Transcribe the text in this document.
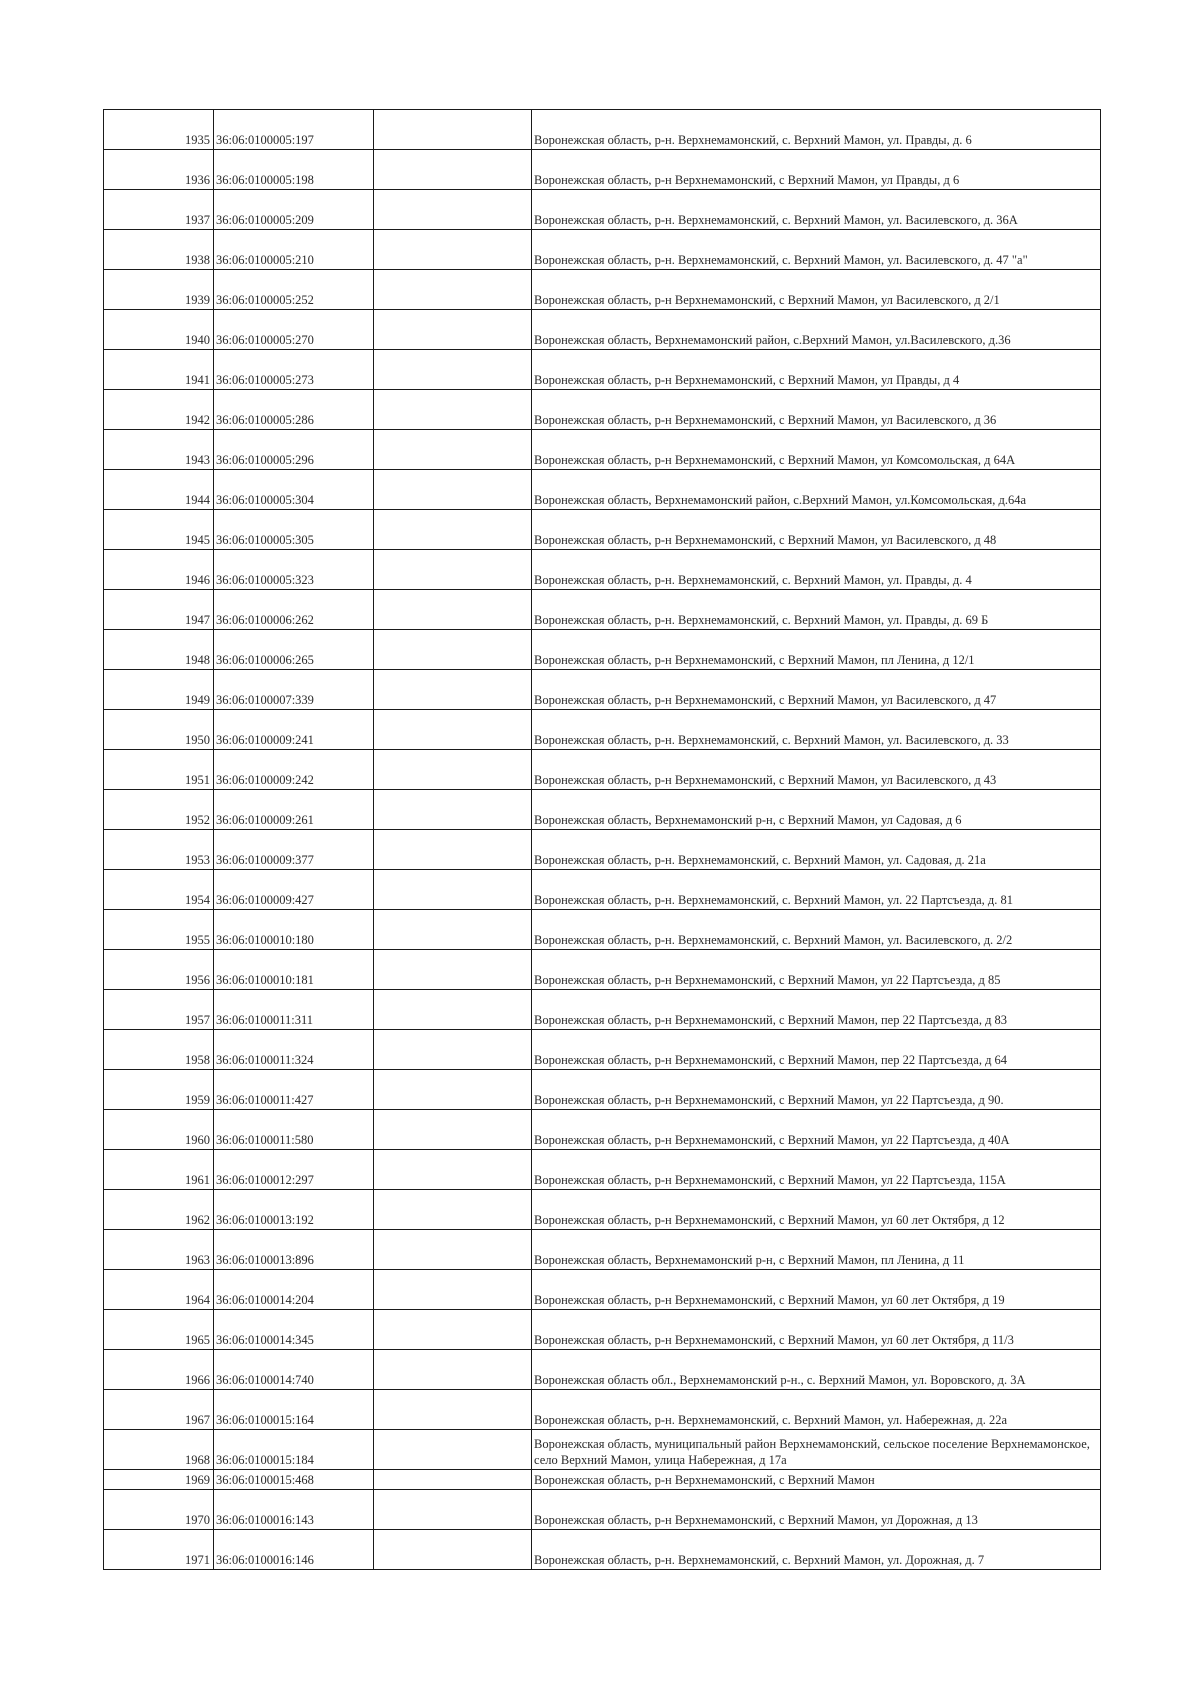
1935	36:06:0100005:197		Воронежская область, р-н. Верхнемамонский, с. Верхний Мамон, ул. Правды, д. 6
1936	36:06:0100005:198		Воронежская область, р-н Верхнемамонский, с Верхний Мамон, ул Правды, д 6
1937	36:06:0100005:209		Воронежская область, р-н. Верхнемамонский, с. Верхний Мамон, ул. Василевского, д. 36А
1938	36:06:0100005:210		Воронежская область, р-н. Верхнемамонский, с. Верхний Мамон, ул. Василевского, д. 47 "а"
1939	36:06:0100005:252		Воронежская область, р-н Верхнемамонский, с Верхний Мамон, ул Василевского, д 2/1
1940	36:06:0100005:270		Воронежская область, Верхнемамонский район, с.Верхний Мамон, ул.Василевского, д.36
1941	36:06:0100005:273		Воронежская область, р-н Верхнемамонский, с Верхний Мамон, ул Правды, д 4
1942	36:06:0100005:286		Воронежская область, р-н Верхнемамонский, с Верхний Мамон, ул Василевского, д 36
1943	36:06:0100005:296		Воронежская область, р-н Верхнемамонский, с Верхний Мамон, ул Комсомольская, д 64А
1944	36:06:0100005:304		Воронежская область, Верхнемамонский район, с.Верхний Мамон, ул.Комсомольская, д.64а
1945	36:06:0100005:305		Воронежская область, р-н Верхнемамонский, с Верхний Мамон, ул Василевского, д 48
1946	36:06:0100005:323		Воронежская область, р-н. Верхнемамонский, с. Верхний Мамон, ул. Правды, д. 4
1947	36:06:0100006:262		Воронежская область, р-н. Верхнемамонский, с. Верхний Мамон, ул. Правды, д. 69 Б
1948	36:06:0100006:265		Воронежская область, р-н Верхнемамонский, с Верхний Мамон, пл Ленина, д 12/1
1949	36:06:0100007:339		Воронежская область, р-н Верхнемамонский, с Верхний Мамон, ул Василевского, д 47
1950	36:06:0100009:241		Воронежская область, р-н. Верхнемамонский, с. Верхний Мамон, ул. Василевского, д. 33
1951	36:06:0100009:242		Воронежская область, р-н Верхнемамонский, с Верхний Мамон, ул Василевского, д 43
1952	36:06:0100009:261		Воронежская область, Верхнемамонский р-н, с Верхний Мамон, ул Садовая, д 6
1953	36:06:0100009:377		Воронежская область, р-н. Верхнемамонский, с. Верхний Мамон, ул. Садовая, д. 21а
1954	36:06:0100009:427		Воронежская область, р-н. Верхнемамонский, с. Верхний Мамон, ул. 22 Партсъезда, д. 81
1955	36:06:0100010:180		Воронежская область, р-н. Верхнемамонский, с. Верхний Мамон, ул. Василевского, д. 2/2
1956	36:06:0100010:181		Воронежская область, р-н Верхнемамонский, с Верхний Мамон, ул 22 Партсъезда, д 85
1957	36:06:0100011:311		Воронежская область, р-н Верхнемамонский, с Верхний Мамон, пер 22 Партсъезда, д 83
1958	36:06:0100011:324		Воронежская область, р-н Верхнемамонский, с Верхний Мамон, пер 22 Партсъезда, д 64
1959	36:06:0100011:427		Воронежская область, р-н Верхнемамонский, с Верхний Мамон, ул 22 Партсъезда, д 90.
1960	36:06:0100011:580		Воронежская область, р-н Верхнемамонский, с Верхний Мамон, ул 22 Партсъезда, д 40А
1961	36:06:0100012:297		Воронежская область, р-н Верхнемамонский, с Верхний Мамон, ул 22 Партсъезда, 115А
1962	36:06:0100013:192		Воронежская область, р-н Верхнемамонский, с Верхний Мамон, ул 60 лет Октября, д 12
1963	36:06:0100013:896		Воронежская область, Верхнемамонский р-н, с Верхний Мамон, пл Ленина, д 11
1964	36:06:0100014:204		Воронежская область, р-н Верхнемамонский, с Верхний Мамон, ул 60 лет Октября, д 19
1965	36:06:0100014:345		Воронежская область, р-н Верхнемамонский, с Верхний Мамон, ул 60 лет Октября, д 11/3
1966	36:06:0100014:740		Воронежская область обл., Верхнемамонский р-н., с. Верхний Мамон, ул. Воровского, д. 3А
1967	36:06:0100015:164		Воронежская область, р-н. Верхнемамонский, с. Верхний Мамон, ул. Набережная, д. 22а
1968	36:06:0100015:184		Воронежская область, муниципальный район Верхнемамонский, сельское поселение Верхнемамонское, село Верхний Мамон, улица Набережная, д 17а
1969	36:06:0100015:468		Воронежская область, р-н Верхнемамонский, с Верхний Мамон
1970	36:06:0100016:143		Воронежская область, р-н Верхнемамонский, с Верхний Мамон, ул Дорожная, д 13
1971	36:06:0100016:146		Воронежская область, р-н. Верхнемамонский, с. Верхний Мамон, ул. Дорожная, д. 7
